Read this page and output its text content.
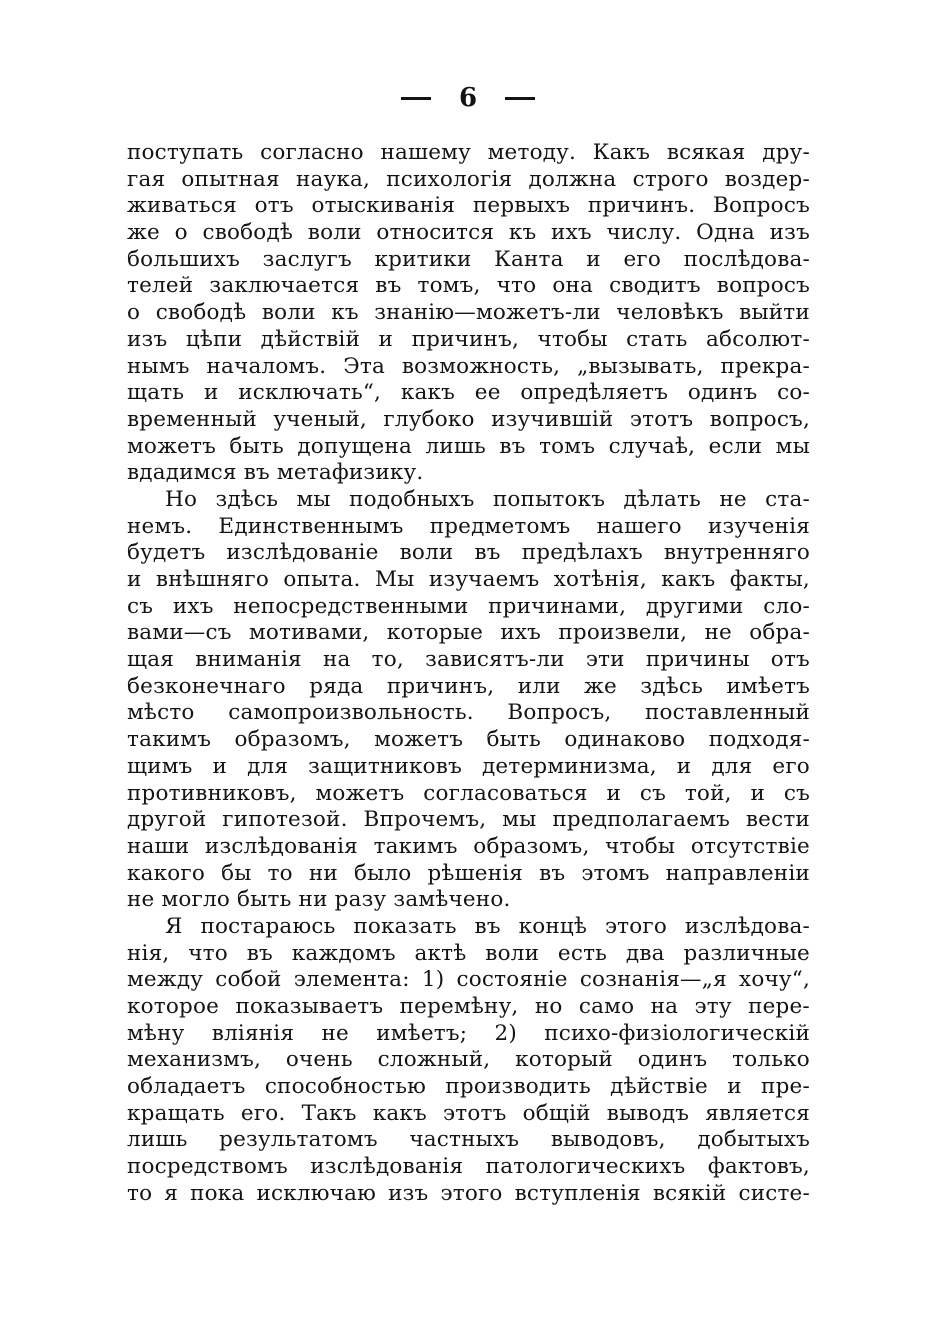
6
поступать согласно нашему методу. Какъ всякая дру-
гая опытная наука, психологія должна строго воздер-
живаться отъ отыскиванія первыхъ причинъ. Вопросъ
же о свободѣ воли относится къ ихъ числу. Одна изъ
большихъ заслугъ критики Канта и его послѣдова-
телей заключается въ томъ, что она сводитъ вопросъ
о свободѣ воли къ знанію—можетъ-ли человѣкъ выйти
изъ цѣпи дѣйствій и причинъ, чтобы стать абсолют-
нымъ началомъ. Эта возможность, „вызывать, прекра-
щать и исключать“, какъ ее опредѣляетъ одинъ со-
временный ученый, глубоко изучившій этотъ вопросъ,
можетъ быть допущена лишь въ томъ случаѣ, если мы
вдадимся въ метафизику.
Но здѣсь мы подобныхъ попытокъ дѣлать не ста-
немъ. Единственнымъ предметомъ нашего изученія
будетъ изслѣдованіе воли въ предѣлахъ внутренняго
и внѣшняго опыта. Мы изучаемъ хотѣнія, какъ факты,
съ ихъ непосредственными причинами, другими сло-
вами—съ мотивами, которые ихъ произвели, не обра-
щая вниманія на то, зависятъ-ли эти причины отъ
безконечнаго ряда причинъ, или же здѣсь имѣетъ
мѣсто самопроизвольность. Вопросъ, поставленный
такимъ образомъ, можетъ быть одинаково подходя-
щимъ и для защитниковъ детерминизма, и для его
противниковъ, можетъ согласоваться и съ той, и съ
другой гипотезой. Впрочемъ, мы предполагаемъ вести
наши изслѣдованія такимъ образомъ, чтобы отсутствіе
какого бы то ни было рѣшенія въ этомъ направленіи
не могло быть ни разу замѣчено.
Я постараюсь показать въ концѣ этого изслѣдова-
нія, что въ каждомъ актѣ воли есть два различные
между собой элемента: 1) состояніе сознанія—„я хочу“,
которое показываетъ перемѣну, но само на эту пере-
мѣну вліянія не имѣетъ; 2) психо-физіологическій
механизмъ, очень сложный, который одинъ только
обладаетъ способностью производить дѣйствіе и пре-
кращать его. Такъ какъ этотъ общій выводъ является
лишь результатомъ частныхъ выводовъ, добытыхъ
посредствомъ изслѣдованія патологическихъ фактовъ,
то я пока исключаю изъ этого вступленія всякій систе-
